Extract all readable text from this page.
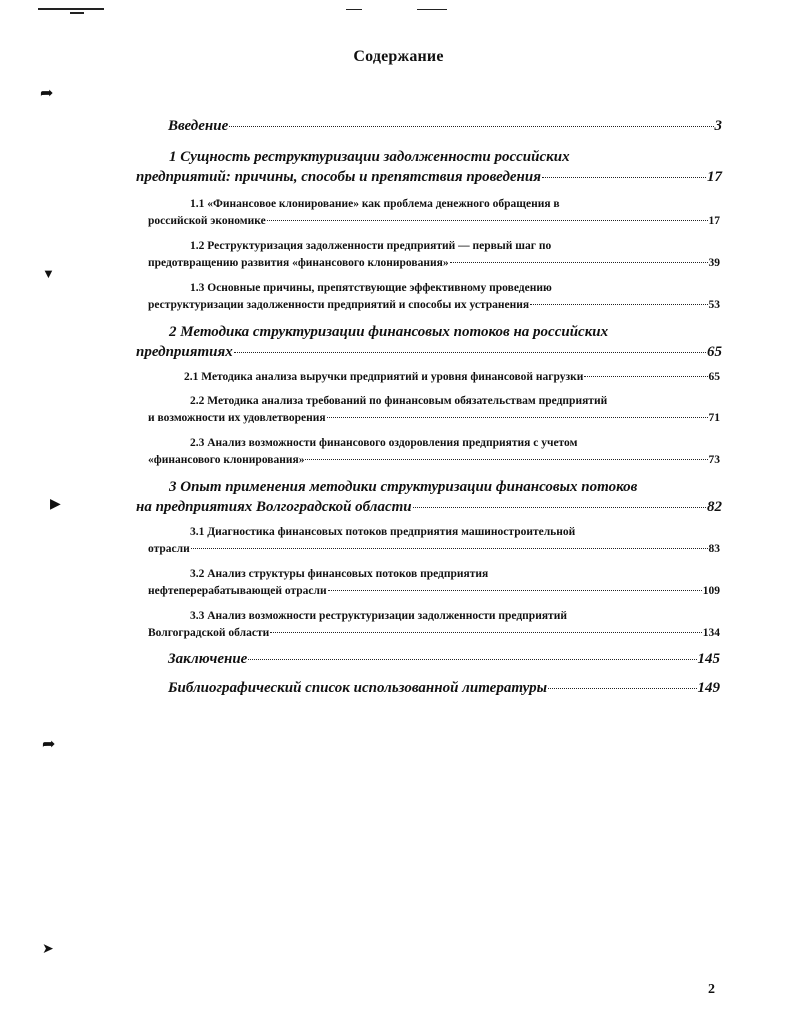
➦
▼
▶
➦
➤
Содержание
Введение	3
1 Сущность реструктуризации задолженности российских
предприятий: причины, способы и препятствия проведения	17
1.1 «Финансовое клонирование» как проблема денежного обращения в
российской экономике	17
1.2 Реструктуризация задолженности предприятий — первый шаг по
предотвращению развития «финансового клонирования»	39
1.3 Основные причины, препятствующие эффективному проведению
реструктуризации задолженности предприятий и способы их устранения	53
2 Методика структуризации финансовых потоков на российских
предприятиях	65
2.1 Методика анализа выручки предприятий и уровня финансовой нагрузки	65
2.2 Методика анализа требований по финансовым обязательствам предприятий
и возможности их удовлетворения	71
2.3 Анализ возможности финансового оздоровления предприятия с учетом
«финансового клонирования»	73
3 Опыт применения методики структуризации финансовых потоков
на предприятиях Волгоградской области	82
3.1 Диагностика финансовых потоков предприятия машиностроительной
отрасли	83
3.2 Анализ структуры финансовых потоков предприятия
нефтеперерабатывающей отрасли	109
3.3 Анализ возможности реструктуризации задолженности предприятий
Волгоградской области	134
Заключение	145
Библиографический список использованной литературы	149
2
